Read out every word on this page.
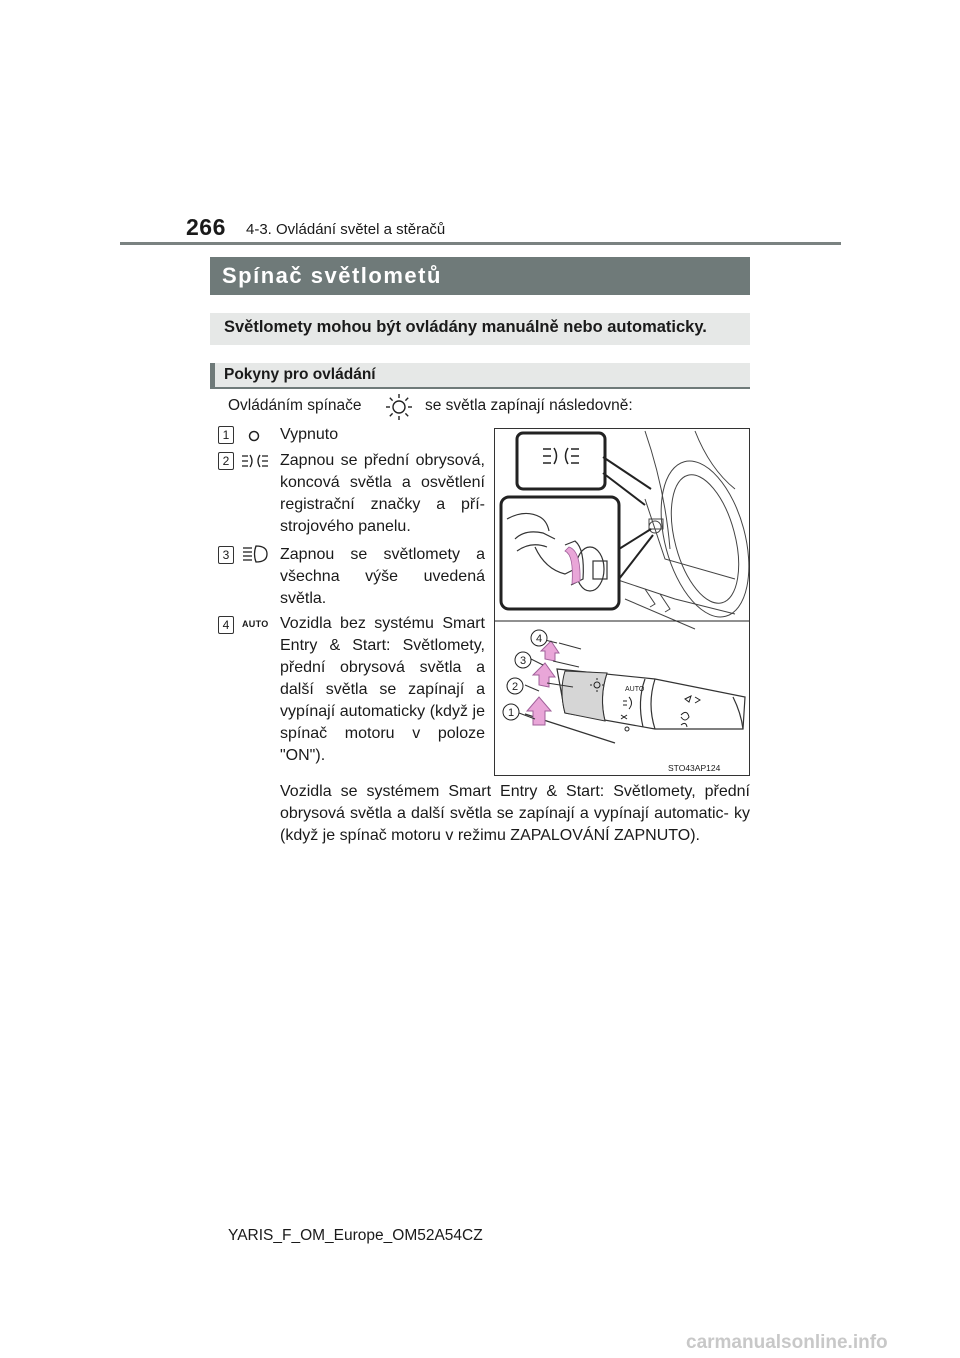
266 4-3. Ovládání světel a stěračů
Spínač světlometů
Světlomety mohou být ovládány manuálně nebo automaticky.
Pokyny pro ovládání
Ovládáním spínače	se světla zapínají následovně:
1	Vypnuto
2	Zapnou se přední obrysová, koncová světla a osvětlení registrační značky a pří- strojového panelu.
3	Zapnou se světlomety a všechna výše uvedená světla.
4	AUTO Vozidla bez systému Smart Entry & Start: Světlomety, přední obrysová světla a další světla se zapínají a vypínají automaticky (když je spínač motoru v poloze "ON").
AUTO
1
2
3
4
STO43AP124
Vozidla se systémem Smart Entry & Start: Světlomety, přední obrysová světla a další světla se zapínají a vypínají automatic- ky (když je spínač motoru v režimu ZAPALOVÁNÍ ZAPNUTO).
YARIS_F_OM_Europe_OM52A54CZ
carmanualsonline.info
